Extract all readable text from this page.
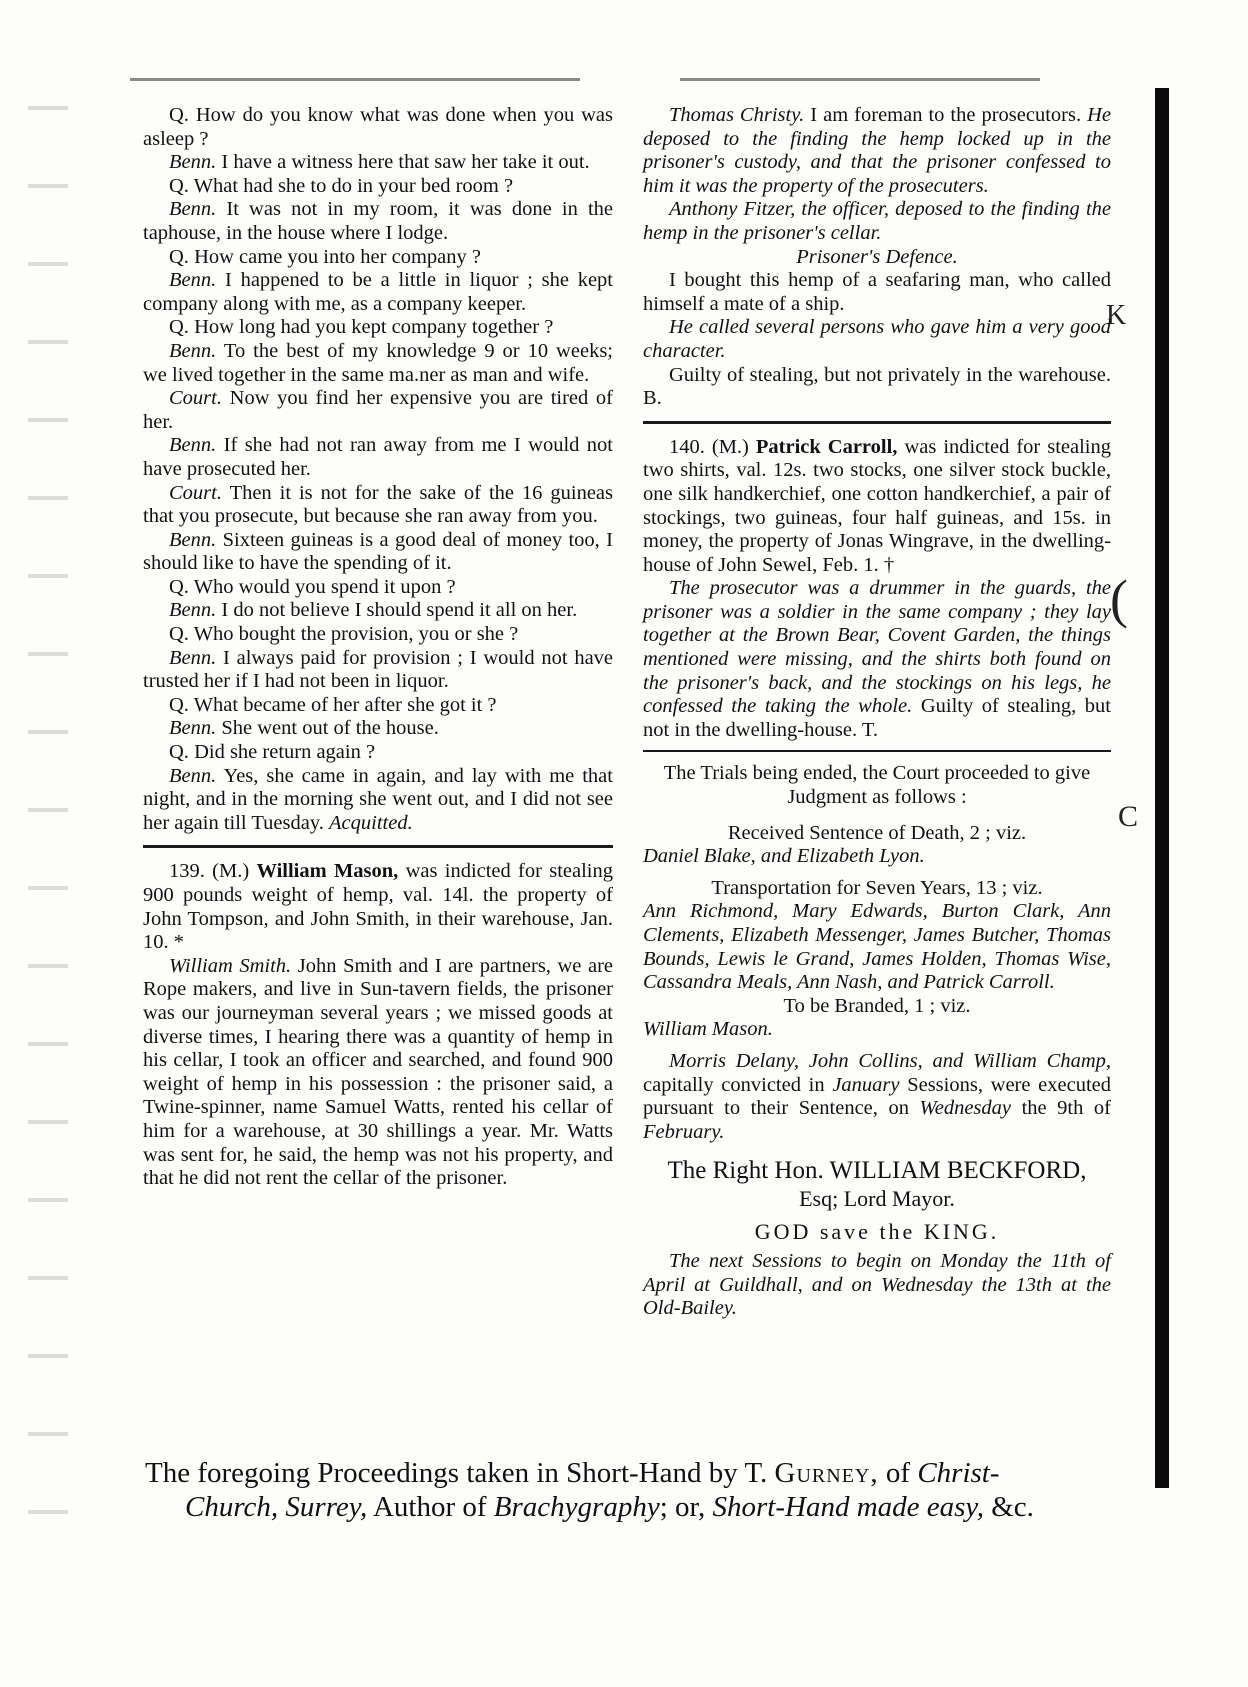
K
(
C

Q. How do you know what was done when you was asleep ?

Benn. I have a witness here that saw her take it out.

Q. What had she to do in your bed room ?

Benn. It was not in my room, it was done in the taphouse, in the house where I lodge.

Q. How came you into her company ?

Benn. I happened to be a little in liquor ; she kept company along with me, as a company keeper.

Q. How long had you kept company together ?

Benn. To the best of my knowledge 9 or 10 weeks; we lived together in the same ma.ner as man and wife.

Court. Now you find her expensive you are tired of her.

Benn. If she had not ran away from me I would not have prosecuted her.

Court. Then it is not for the sake of the 16 guineas that you prosecute, but because she ran away from you.

Benn. Sixteen guineas is a good deal of money too, I should like to have the spending of it.

Q. Who would you spend it upon ?

Benn. I do not believe I should spend it all on her.

Q. Who bought the provision, you or she ?

Benn. I always paid for provision ; I would not have trusted her if I had not been in liquor.

Q. What became of her after she got it ?

Benn. She went out of the house.

Q. Did she return again ?

Benn. Yes, she came in again, and lay with me that night, and in the morning she went out, and I did not see her again till Tuesday. Acquitted.

139. (M.) William Mason, was indicted for stealing 900 pounds weight of hemp, val. 14l. the property of John Tompson, and John Smith, in their warehouse, Jan. 10. *

William Smith. John Smith and I are partners, we are Rope makers, and live in Sun-tavern fields, the prisoner was our journeyman several years ; we missed goods at diverse times, I hearing there was a quantity of hemp in his cellar, I took an officer and searched, and found 900 weight of hemp in his possession : the prisoner said, a Twine-spinner, name Samuel Watts, rented his cellar of him for a warehouse, at 30 shillings a year. Mr. Watts was sent for, he said, the hemp was not his property, and that he did not rent the cellar of the prisoner.

Thomas Christy. I am foreman to the prosecutors. He deposed to the finding the hemp locked up in the prisoner's custody, and that the prisoner confessed to him it was the property of the prosecuters.

Anthony Fitzer, the officer, deposed to the finding the hemp in the prisoner's cellar.

Prisoner's Defence.

I bought this hemp of a seafaring man, who called himself a mate of a ship.

He called several persons who gave him a very good character.

Guilty of stealing, but not privately in the warehouse. B.

140. (M.) Patrick Carroll, was indicted for stealing two shirts, val. 12s. two stocks, one silver stock buckle, one silk handkerchief, one cotton handkerchief, a pair of stockings, two guineas, four half guineas, and 15s. in money, the property of Jonas Wingrave, in the dwelling-house of John Sewel, Feb. 1. †

The prosecutor was a drummer in the guards, the prisoner was a soldier in the same company ; they lay together at the Brown Bear, Covent Garden, the things mentioned were missing, and the shirts both found on the prisoner's back, and the stockings on his legs, he confessed the taking the whole. Guilty of stealing, but not in the dwelling-house. T.

The Trials being ended, the Court proceeded to give Judgment as follows :

Received Sentence of Death, 2 ; viz.

Daniel Blake, and Elizabeth Lyon.

Transportation for Seven Years, 13 ; viz.

Ann Richmond, Mary Edwards, Burton Clark, Ann Clements, Elizabeth Messenger, James Butcher, Thomas Bounds, Lewis le Grand, James Holden, Thomas Wise, Cassandra Meals, Ann Nash, and Patrick Carroll.

To be Branded, 1 ; viz.

William Mason.

Morris Delany, John Collins, and William Champ, capitally convicted in January Sessions, were executed pursuant to their Sentence, on Wednesday the 9th of February.

The Right Hon. WILLIAM BECKFORD,

Esq; Lord Mayor.

GOD save the KING.

The next Sessions to begin on Monday the 11th of April at Guildhall, and on Wednesday the 13th at the Old-Bailey.

The foregoing Proceedings taken in Short-Hand by T. Gurney, of Christ-
Church, Surrey, Author of Brachygraphy; or, Short-Hand made easy, &c.
